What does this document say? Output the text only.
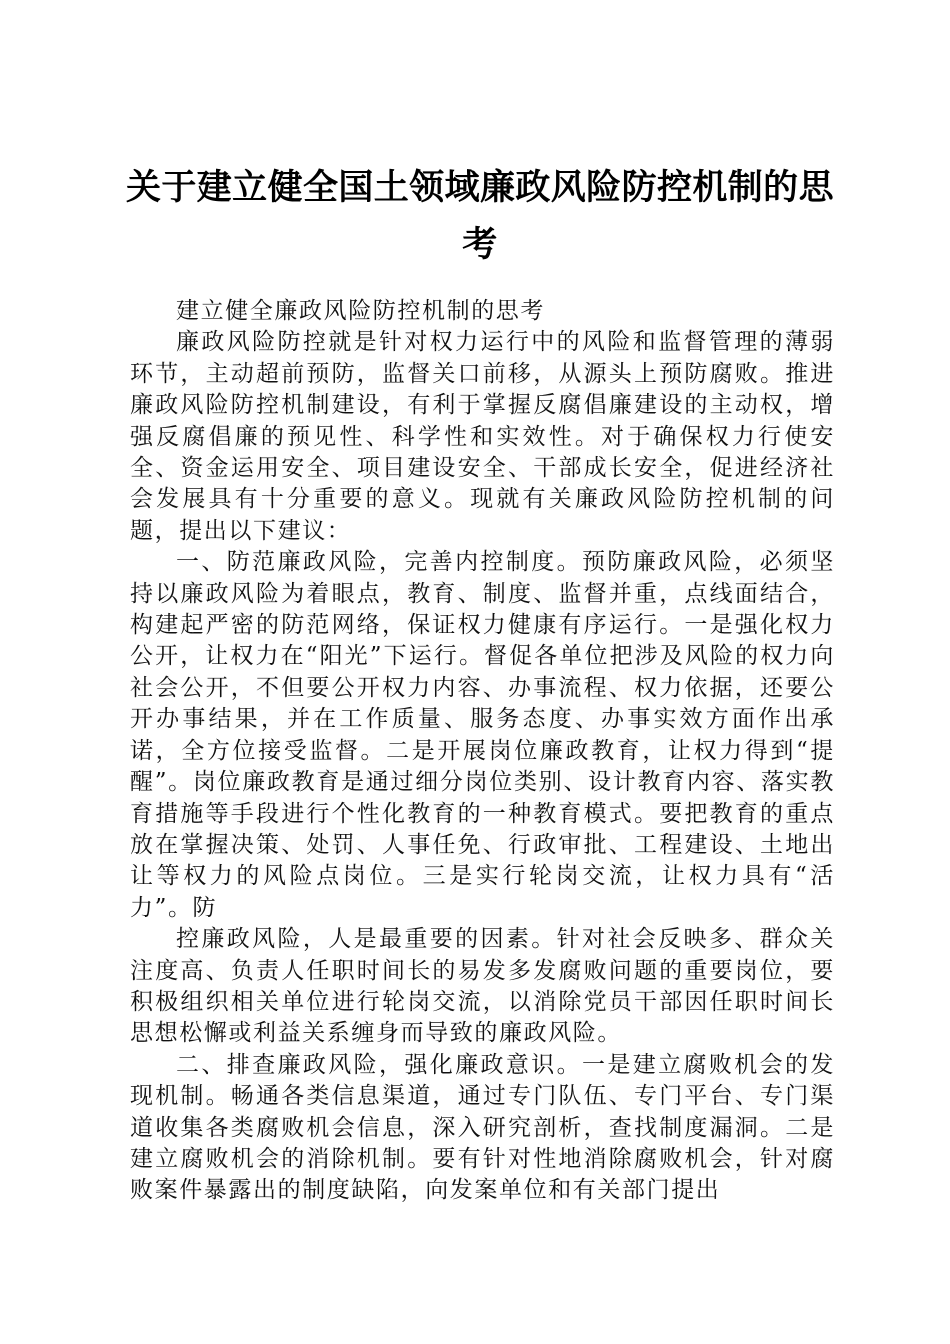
关于建立健全国土领域廉政风险防控机制的思考

建立健全廉政风险防控机制的思考

廉政风险防控就是针对权力运行中的风险和监督管理的薄弱环节，主动超前预防，监督关口前移，从源头上预防腐败。推进廉政风险防控机制建设，有利于掌握反腐倡廉建设的主动权，增强反腐倡廉的预见性、科学性和实效性。对于确保权力行使安全、资金运用安全、项目建设安全、干部成长安全，促进经济社会发展具有十分重要的意义。现就有关廉政风险防控机制的问题，提出以下建议：

一、防范廉政风险，完善内控制度。预防廉政风险，必须坚持以廉政风险为着眼点，教育、制度、监督并重，点线面结合，构建起严密的防范网络，保证权力健康有序运行。一是强化权力公开，让权力在“阳光”下运行。督促各单位把涉及风险的权力向社会公开，不但要公开权力内容、办事流程、权力依据，还要公开办事结果，并在工作质量、服务态度、办事实效方面作出承诺，全方位接受监督。二是开展岗位廉政教育，让权力得到“提醒”。岗位廉政教育是通过细分岗位类别、设计教育内容、落实教育措施等手段进行个性化教育的一种教育模式。要把教育的重点放在掌握决策、处罚、人事任免、行政审批、工程建设、土地出让等权力的风险点岗位。三是实行轮岗交流，让权力具有“活力”。防

控廉政风险，人是最重要的因素。针对社会反映多、群众关注度高、负责人任职时间长的易发多发腐败问题的重要岗位，要积极组织相关单位进行轮岗交流，以消除党员干部因任职时间长思想松懈或利益关系缠身而导致的廉政风险。

二、排查廉政风险，强化廉政意识。一是建立腐败机会的发现机制。畅通各类信息渠道，通过专门队伍、专门平台、专门渠道收集各类腐败机会信息，深入研究剖析，查找制度漏洞。二是建立腐败机会的消除机制。要有针对性地消除腐败机会，针对腐败案件暴露出的制度缺陷，向发案单位和有关部门提出
